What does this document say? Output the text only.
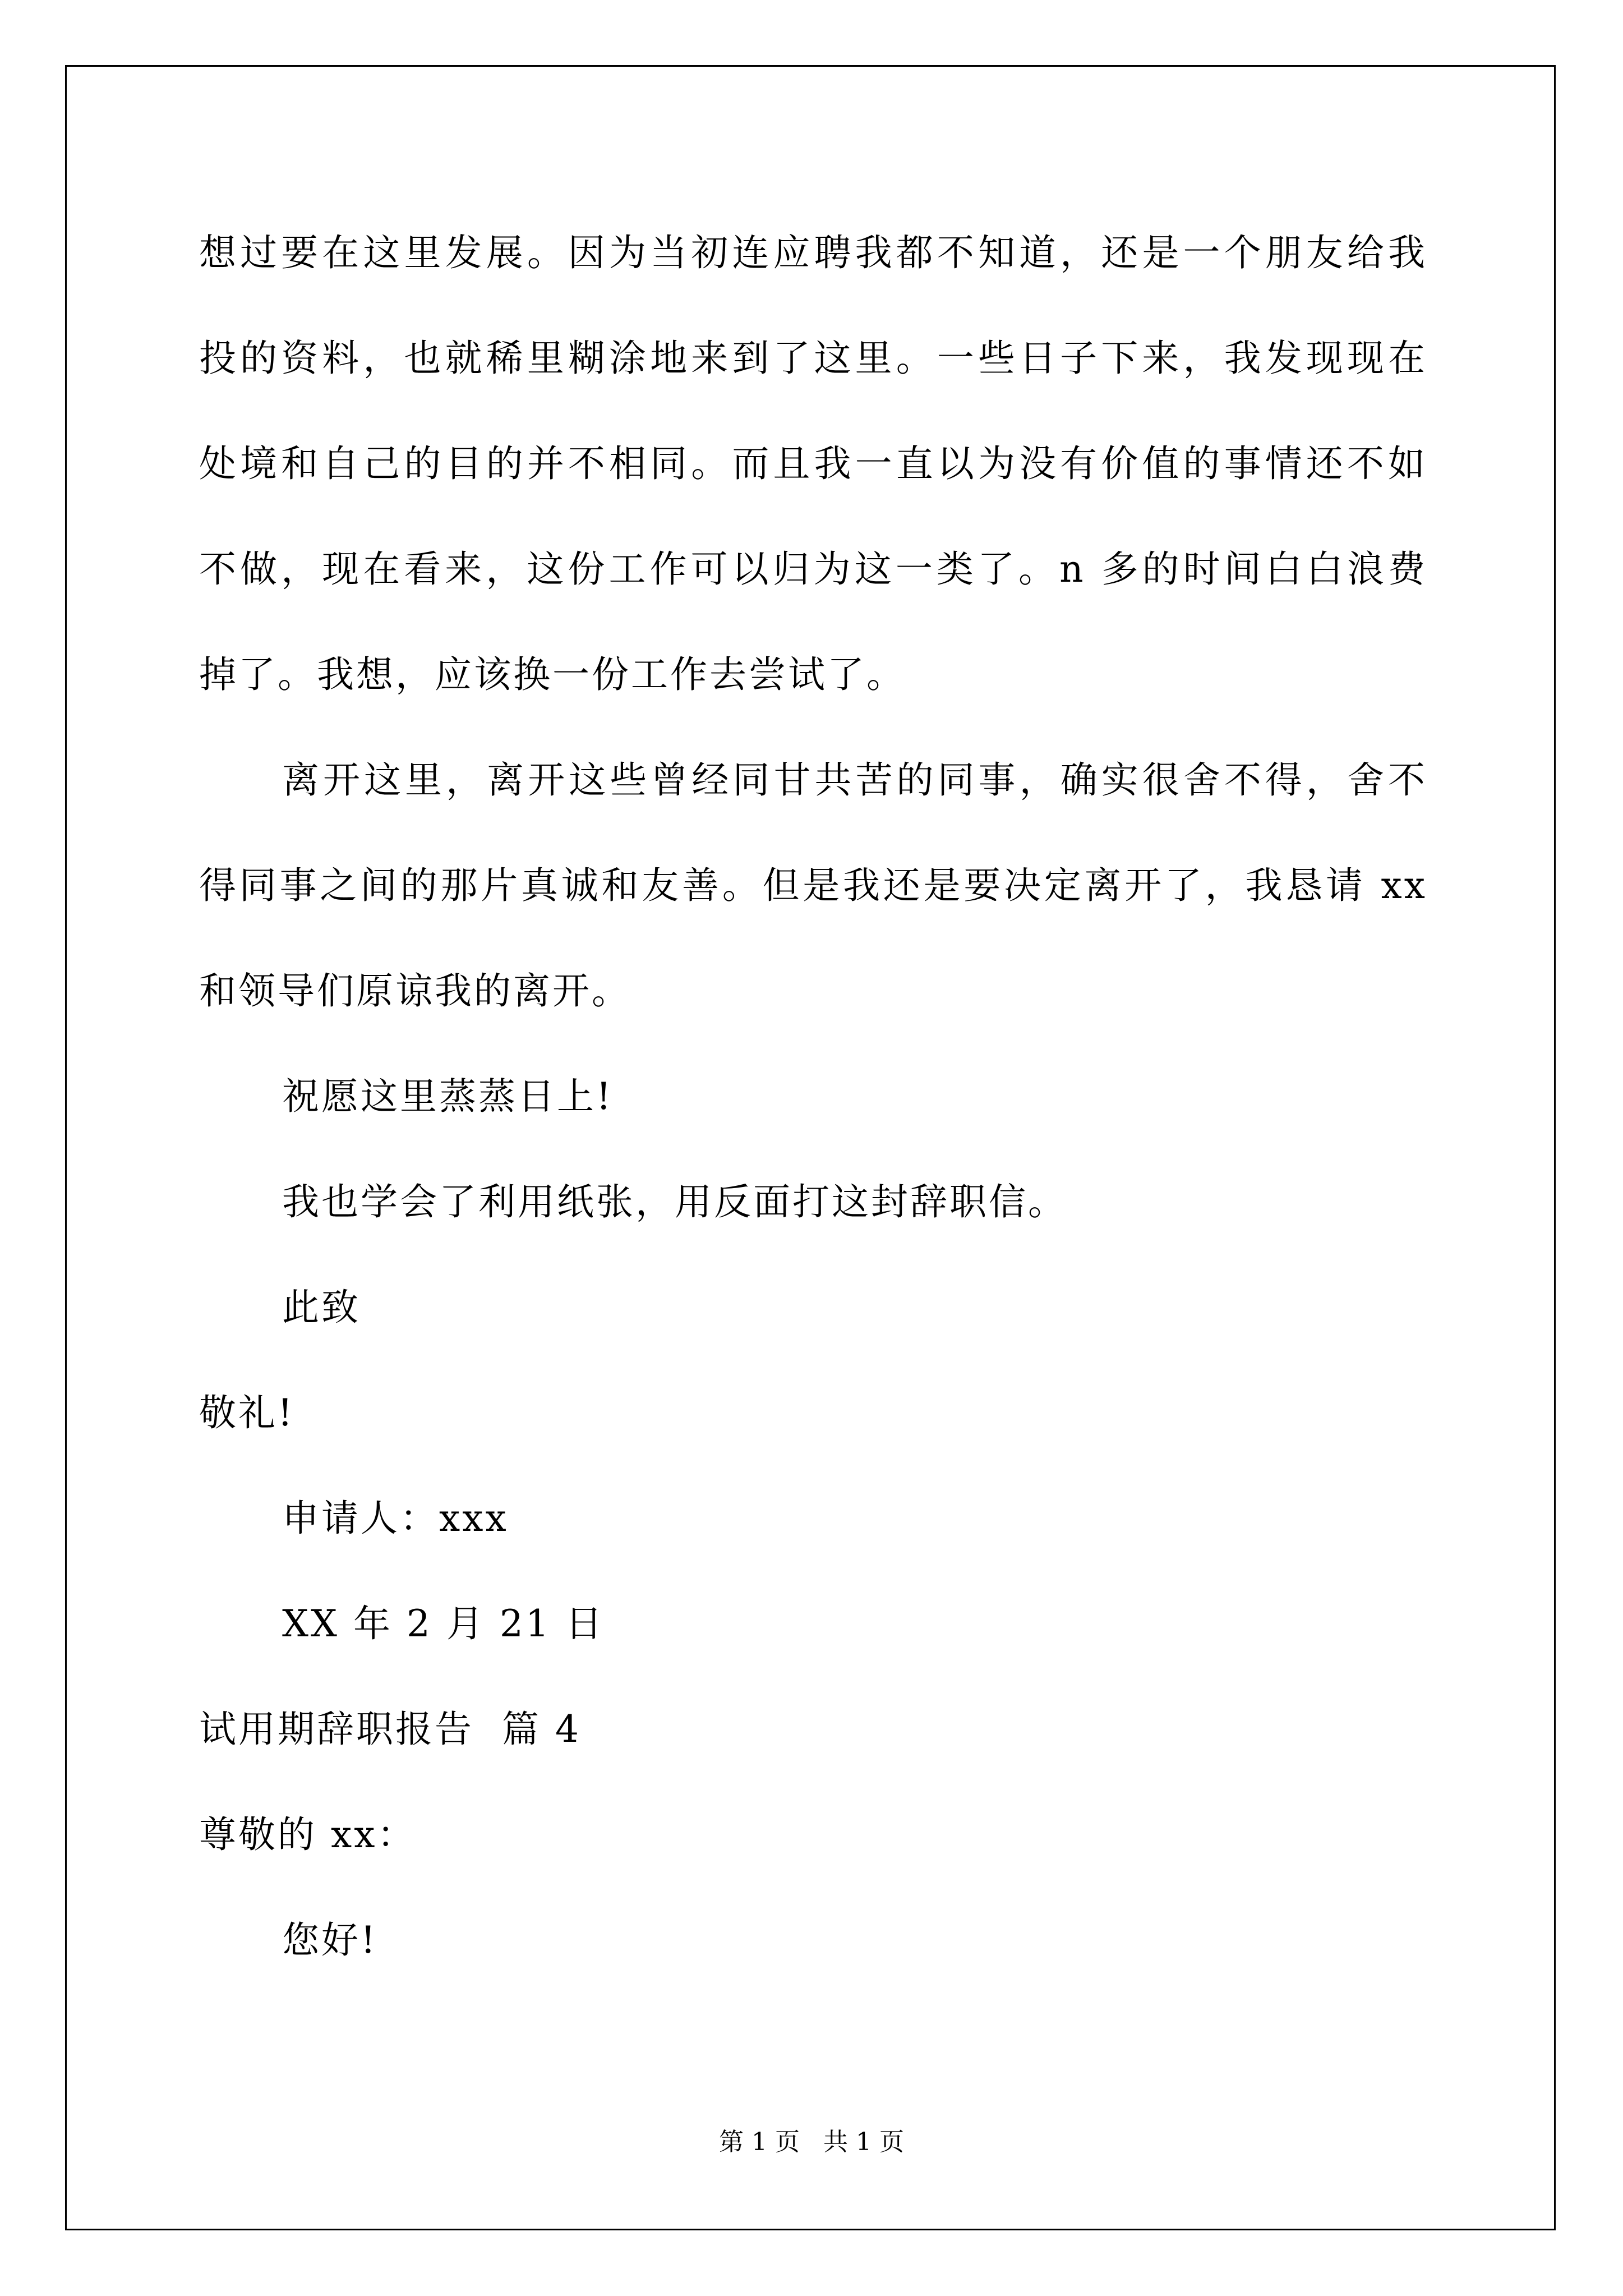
想过要在这里发展。因为当初连应聘我都不知道，还是一个朋友给我
投的资料，也就稀里糊涂地来到了这里。一些日子下来，我发现现在
处境和自己的目的并不相同。而且我一直以为没有价值的事情还不如
不做，现在看来，这份工作可以归为这一类了。n 多的时间白白浪费
掉了。我想，应该换一份工作去尝试了。
离开这里，离开这些曾经同甘共苦的同事，确实很舍不得，舍不
得同事之间的那片真诚和友善。但是我还是要决定离开了，我恳请 xx
和领导们原谅我的离开。
祝愿这里蒸蒸日上!
我也学会了利用纸张，用反面打这封辞职信。
此致
敬礼!
申请人：xxx
XX 年 2 月 21 日
试用期辞职报告  篇 4
尊敬的 xx：
您好!
第 1 页   共 1 页
